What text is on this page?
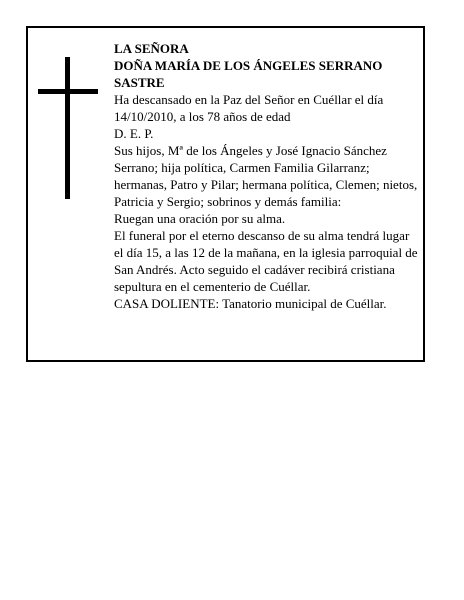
LA SEÑORA

DOÑA MARÍA DE LOS ÁNGELES SERRANO SASTRE

Ha descansado en la Paz del Señor en Cuéllar el día 14/10/2010, a los 78 años de edad

D. E. P.

Sus hijos, Mª de los Ángeles y José Ignacio Sánchez Serrano; hija política, Carmen Familia Gilarranz; hermanas, Patro y Pilar; hermana política, Clemen; nietos, Patricia y Sergio; sobrinos y demás familia:

Ruegan una oración por su alma.

El funeral por el eterno descanso de su alma tendrá lugar el día 15, a las 12 de la mañana, en la iglesia parroquial de San Andrés. Acto seguido el cadáver recibirá cristiana sepultura en el cementerio de Cuéllar.

CASA DOLIENTE: Tanatorio municipal de Cuéllar.
